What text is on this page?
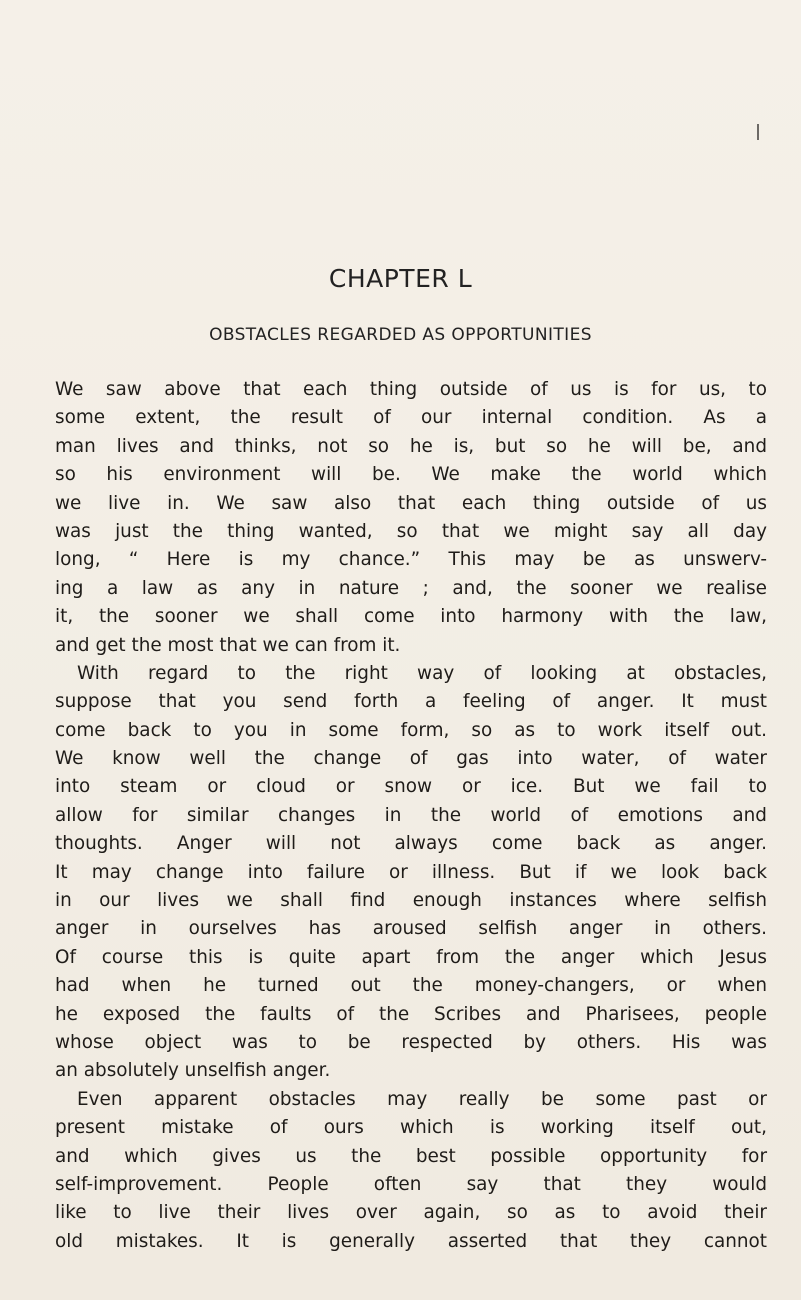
CHAPTER L
OBSTACLES REGARDED AS OPPORTUNITIES
We saw above that each thing outside of us is for us, to
some extent, the result of our internal condition. As a
man lives and thinks, not so he is, but so he will be, and
so his environment will be. We make the world which
we live in. We saw also that each thing outside of us
was just the thing wanted, so that we might say all day
long, “ Here is my chance.” This may be as unswerv-
ing a law as any in nature ; and, the sooner we realise
it, the sooner we shall come into harmony with the law,
and get the most that we can from it.
With regard to the right way of looking at obstacles,
suppose that you send forth a feeling of anger. It must
come back to you in some form, so as to work itself out.
We know well the change of gas into water, of water
into steam or cloud or snow or ice. But we fail to
allow for similar changes in the world of emotions and
thoughts. Anger will not always come back as anger.
It may change into failure or illness. But if we look back
in our lives we shall find enough instances where selfish
anger in ourselves has aroused selfish anger in others.
Of course this is quite apart from the anger which Jesus
had when he turned out the money-changers, or when
he exposed the faults of the Scribes and Pharisees, people
whose object was to be respected by others. His was
an absolutely unselfish anger.
Even apparent obstacles may really be some past or
present mistake of ours which is working itself out,
and which gives us the best possible opportunity for
self-improvement. People often say that they would
like to live their lives over again, so as to avoid their
old mistakes. It is generally asserted that they cannot
